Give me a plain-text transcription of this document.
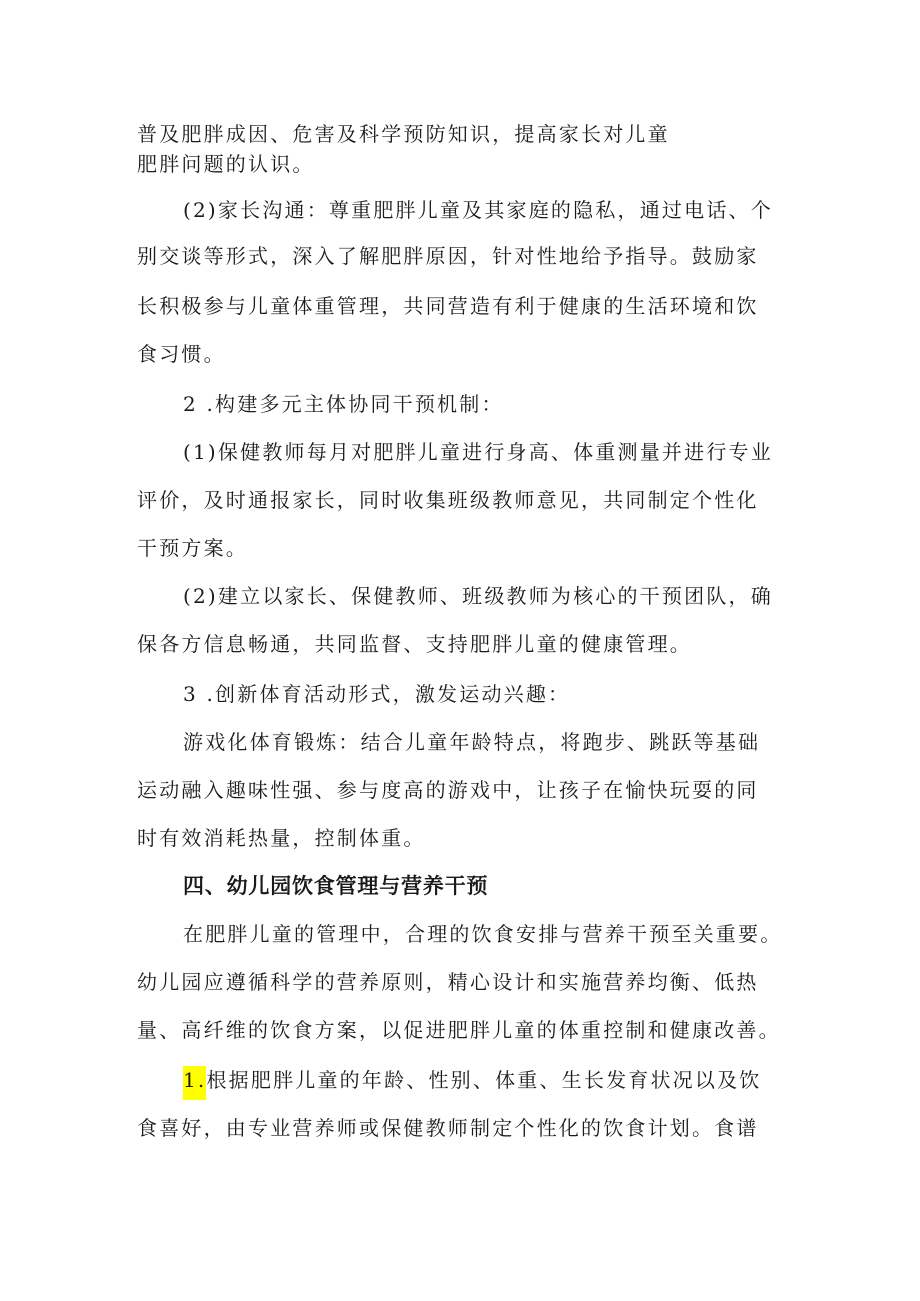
普及肥胖成因、危害及科学预防知识，提高家长对儿童
肥胖问题的认识。
(2)家长沟通：尊重肥胖儿童及其家庭的隐私，通过电话、个
别交谈等形式，深入了解肥胖原因，针对性地给予指导。鼓励家
长积极参与儿童体重管理，共同营造有利于健康的生活环境和饮
食习惯。
2 .构建多元主体协同干预机制：
(1)保健教师每月对肥胖儿童进行身高、体重测量并进行专业
评价，及时通报家长，同时收集班级教师意见，共同制定个性化
干预方案。
(2)建立以家长、保健教师、班级教师为核心的干预团队，确
保各方信息畅通，共同监督、支持肥胖儿童的健康管理。
3 .创新体育活动形式，激发运动兴趣：
游戏化体育锻炼：结合儿童年龄特点，将跑步、跳跃等基础
运动融入趣味性强、参与度高的游戏中，让孩子在愉快玩耍的同
时有效消耗热量，控制体重。
四、幼儿园饮食管理与营养干预
在肥胖儿童的管理中，合理的饮食安排与营养干预至关重要。
幼儿园应遵循科学的营养原则，精心设计和实施营养均衡、低热
量、高纤维的饮食方案，以促进肥胖儿童的体重控制和健康改善。
1.根据肥胖儿童的年龄、性别、体重、生长发育状况以及饮
食喜好，由专业营养师或保健教师制定个性化的饮食计划。食谱
